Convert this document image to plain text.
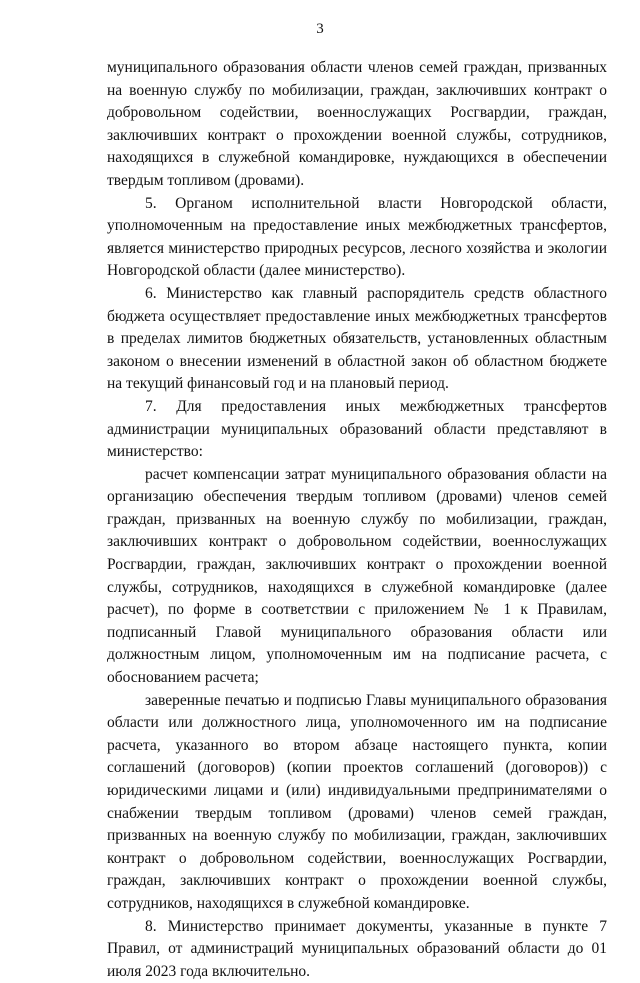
3

муниципального образования области членов семей граждан, призванных на военную службу по мобилизации, граждан, заключивших контракт о добровольном содействии, военнослужащих Росгвардии, граждан, заключивших контракт о прохождении военной службы, сотрудников, находящихся в служебной командировке, нуждающихся в обеспечении твердым топливом (дровами).

5. Органом исполнительной власти Новгородской области, уполномоченным на предоставление иных межбюджетных трансфертов, является министерство природных ресурсов, лесного хозяйства и экологии Новгородской области (далее министерство).

6. Министерство как главный распорядитель средств областного бюджета осуществляет предоставление иных межбюджетных трансфертов в пределах лимитов бюджетных обязательств, установленных областным законом о внесении изменений в областной закон об областном бюджете на текущий финансовый год и на плановый период.

7. Для предоставления иных межбюджетных трансфертов администрации муниципальных образований области представляют в министерство:

расчет компенсации затрат муниципального образования области на организацию обеспечения твердым топливом (дровами) членов семей граждан, призванных на военную службу по мобилизации, граждан, заключивших контракт о добровольном содействии, военнослужащих Росгвардии, граждан, заключивших контракт о прохождении военной службы, сотрудников, находящихся в служебной командировке (далее расчет), по форме в соответствии с приложением № 1 к Правилам, подписанный Главой муниципального образования области или должностным лицом, уполномоченным им на подписание расчета, с обоснованием расчета;

заверенные печатью и подписью Главы муниципального образования области или должностного лица, уполномоченного им на подписание расчета, указанного во втором абзаце настоящего пункта, копии соглашений (договоров) (копии проектов соглашений (договоров)) с юридическими лицами и (или) индивидуальными предпринимателями о снабжении твердым топливом (дровами) членов семей граждан, призванных на военную службу по мобилизации, граждан, заключивших контракт о добровольном содействии, военнослужащих Росгвардии, граждан, заключивших контракт о прохождении военной службы, сотрудников, находящихся в служебной командировке.

8. Министерство принимает документы, указанные в пункте 7 Правил, от администраций муниципальных образований области до 01 июля 2023 года включительно.
